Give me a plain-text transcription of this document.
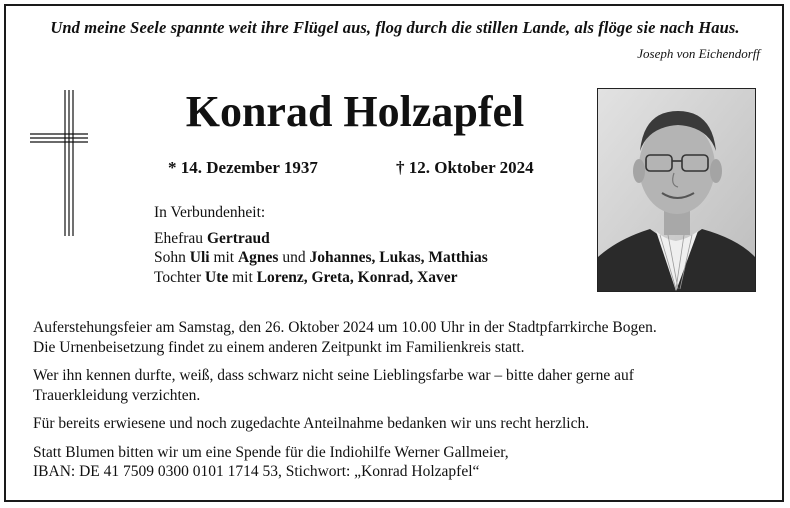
Und meine Seele spannte weit ihre Flügel aus, flog durch die stillen Lande, als flöge sie nach Haus.
Joseph von Eichendorff
Konrad Holzapfel
* 14. Dezember 1937	† 12. Oktober 2024
In Verbundenheit:
Ehefrau Gertraud
Sohn Uli mit Agnes und Johannes, Lukas, Matthias
Tochter Ute mit Lorenz, Greta, Konrad, Xaver

Auferstehungsfeier am Samstag, den 26. Oktober 2024 um 10.00 Uhr in der Stadtpfarrkirche Bogen.
Die Urnenbeisetzung findet zu einem anderen Zeitpunkt im Familienkreis statt.

Wer ihn kennen durfte, weiß, dass schwarz nicht seine Lieblingsfarbe war – bitte daher gerne auf
Trauerkleidung verzichten.

Für bereits erwiesene und noch zugedachte Anteilnahme bedanken wir uns recht herzlich.

Statt Blumen bitten wir um eine Spende für die Indiohilfe Werner Gallmeier,
IBAN: DE 41 7509 0300 0101 1714 53, Stichwort: „Konrad Holzapfel“
